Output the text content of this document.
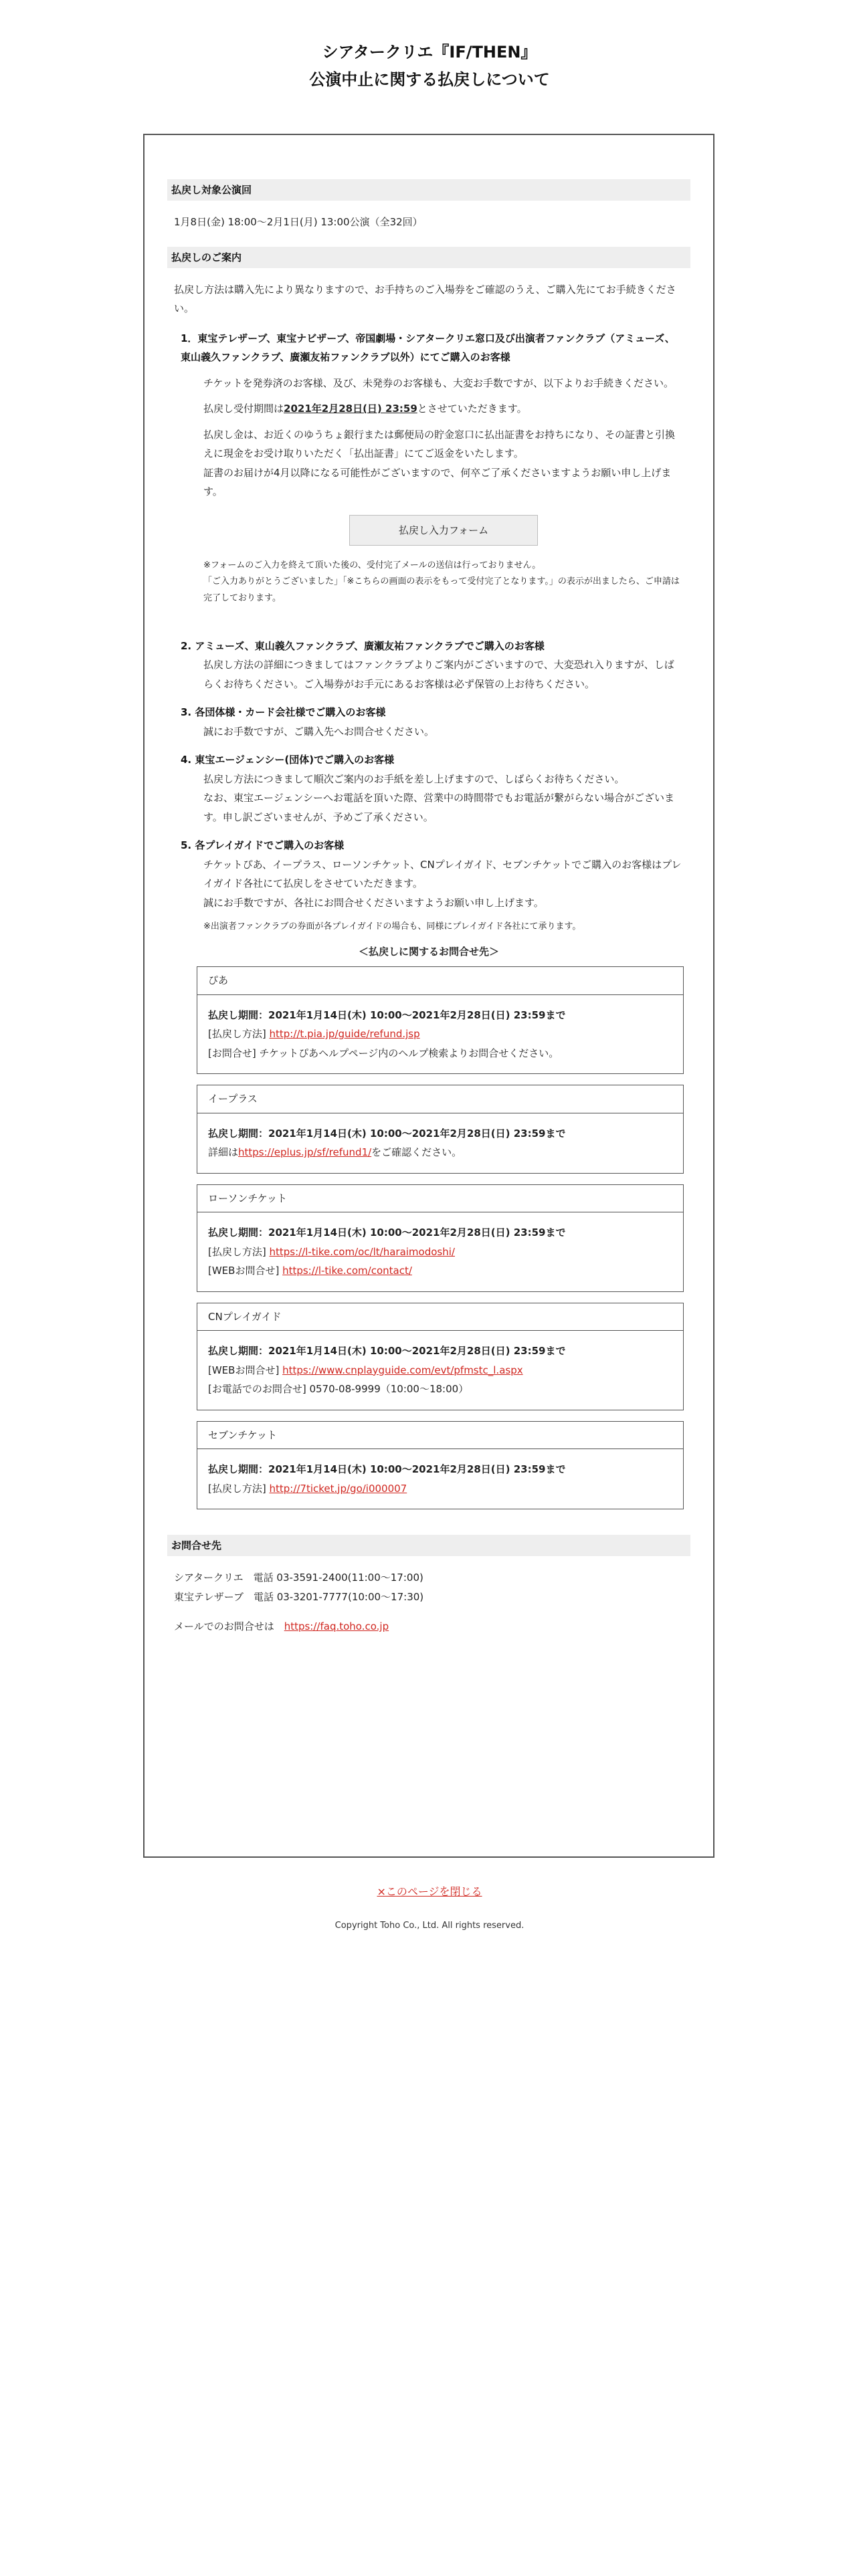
シアタークリエ『IF/THEN』
公演中止に関する払戻しについて
払戻し対象公演回

1月8日(金) 18:00〜2月1日(月) 13:00公演（全32回）

払戻しのご案内

払戻し方法は購入先により異なりますので、お手持ちのご入場券をご確認のうえ、ご購入先にてお手続きください。

1．東宝テレザーブ、東宝ナビザーブ、帝国劇場・シアタークリエ窓口及び出演者ファンクラブ（アミューズ、東山義久ファンクラブ、廣瀬友祐ファンクラブ以外）にてご購入のお客様

チケットを発券済のお客様、及び、未発券のお客様も、大変お手数ですが、以下よりお手続きください。

払戻し受付期間は2021年2月28日(日) 23:59とさせていただきます。

払戻し金は、お近くのゆうちょ銀行または郵便局の貯金窓口に払出証書をお持ちになり、その証書と引換えに現金をお受け取りいただく「払出証書」にてご返金をいたします。
証書のお届けが4月以降になる可能性がございますので、何卒ご了承くださいますようお願い申し上げます。

払戻し入力フォーム

※フォームのご入力を終えて頂いた後の、受付完了メールの送信は行っておりません。

「ご入力ありがとうございました」「※こちらの画面の表示をもって受付完了となります。」の表示が出ましたら、ご申請は完了しております。

2. アミューズ、東山義久ファンクラブ、廣瀬友祐ファンクラブでご購入のお客様

払戻し方法の詳細につきましてはファンクラブよりご案内がございますので、大変恐れ入りますが、しばらくお待ちください。ご入場券がお手元にあるお客様は必ず保管の上お待ちください。

3. 各団体様・カード会社様でご購入のお客様

誠にお手数ですが、ご購入先へお問合せください。

4. 東宝エージェンシー(団体)でご購入のお客様

払戻し方法につきまして順次ご案内のお手紙を差し上げますので、しばらくお待ちください。

なお、東宝エージェンシーへお電話を頂いた際、営業中の時間帯でもお電話が繋がらない場合がございます。申し訳ございませんが、予めご了承ください。

5. 各プレイガイドでご購入のお客様

チケットぴあ、イープラス、ローソンチケット、CNプレイガイド、セブンチケットでご購入のお客様はプレイガイド各社にて払戻しをさせていただきます。

誠にお手数ですが、各社にお問合せくださいますようお願い申し上げます。

※出演者ファンクラブの券面が各プレイガイドの場合も、同様にプレイガイド各社にて承ります。

＜払戻しに関するお問合せ先＞

ぴあ

払戻し期間：2021年1月14日(木) 10:00〜2021年2月28日(日) 23:59まで

[払戻し方法] http://t.pia.jp/guide/refund.jsp

[お問合せ] チケットぴあヘルプページ内のヘルプ検索よりお問合せください。

イープラス

払戻し期間：2021年1月14日(木) 10:00〜2021年2月28日(日) 23:59まで

詳細はhttps://eplus.jp/sf/refund1/をご確認ください。

ローソンチケット

払戻し期間：2021年1月14日(木) 10:00〜2021年2月28日(日) 23:59まで

[払戻し方法] https://l-tike.com/oc/lt/haraimodoshi/

[WEBお問合せ] https://l-tike.com/contact/

CNプレイガイド

払戻し期間：2021年1月14日(木) 10:00〜2021年2月28日(日) 23:59まで

[WEBお問合せ] https://www.cnplayguide.com/evt/pfmstc_l.aspx

[お電話でのお問合せ] 0570-08-9999（10:00〜18:00）

セブンチケット

払戻し期間：2021年1月14日(木) 10:00〜2021年2月28日(日) 23:59まで

[払戻し方法] http://7ticket.jp/go/i000007

お問合せ先

シアタークリエ　電話 03-3591-2400(11:00〜17:00)

東宝テレザーブ　電話 03-3201-7777(10:00〜17:30)

メールでのお問合せは　https://faq.toho.co.jp

×このページを閉じる
Copyright Toho Co., Ltd. All rights reserved.
